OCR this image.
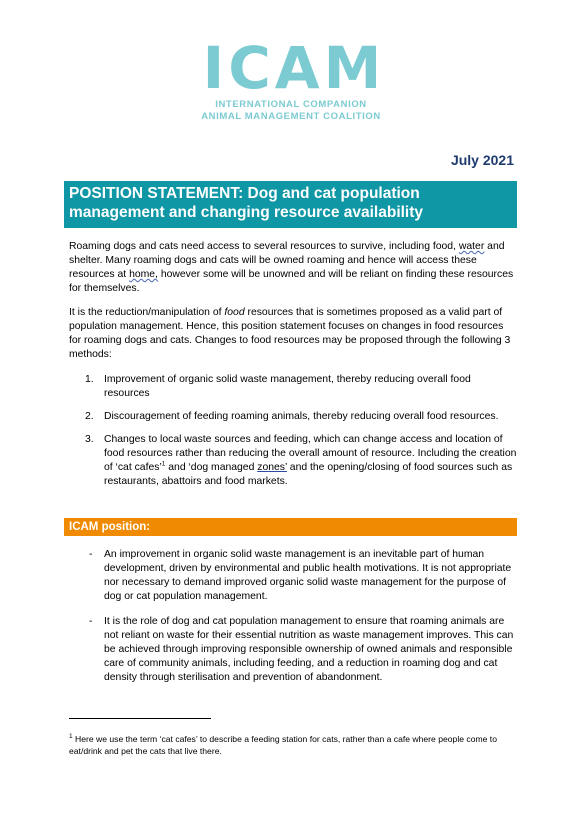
ICAM
INTERNATIONAL COMPANION
ANIMAL MANAGEMENT COALITION
July 2021
POSITION STATEMENT: Dog and cat population management and changing resource availability

Roaming dogs and cats need access to several resources to survive, including food, water and shelter. Many roaming dogs and cats will be owned roaming and hence will access these resources at home, however some will be unowned and will be reliant on finding these resources for themselves.

It is the reduction/manipulation of food resources that is sometimes proposed as a valid part of population management. Hence, this position statement focuses on changes in food resources for roaming dogs and cats. Changes to food resources may be proposed through the following 3 methods:

1. Improvement of organic solid waste management, thereby reducing overall food resources
2. Discouragement of feeding roaming animals, thereby reducing overall food resources.
3. Changes to local waste sources and feeding, which can change access and location of food resources rather than reducing the overall amount of resource. Including the creation of ‘cat cafes’$^1$ and ‘dog managed zones’ and the opening/closing of food sources such as restaurants, abattoirs and food markets.
ICAM position:
- An improvement in organic solid waste management is an inevitable part of human development, driven by environmental and public health motivations. It is not appropriate nor necessary to demand improved organic solid waste management for the purpose of dog or cat population management.
- It is the role of dog and cat population management to ensure that roaming animals are not reliant on waste for their essential nutrition as waste management improves. This can be achieved through improving responsible ownership of owned animals and responsible care of community animals, including feeding, and a reduction in roaming dog and cat density through sterilisation and prevention of abandonment.

$^1$ Here we use the term ‘cat cafes’ to describe a feeding station for cats, rather than a cafe where people come to eat/drink and pet the cats that live there.
